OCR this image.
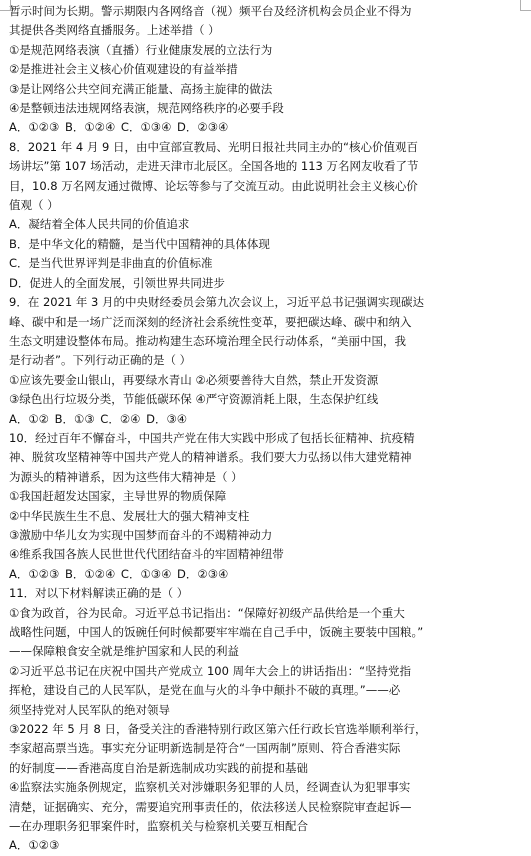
暂示时间为长期。警示期限内各网络音（视）频平台及经济机构会员企业不得为
其提供各类网络直播服务。上述举措（ ）
①是规范网络表演（直播）行业健康发展的立法行为
②是推进社会主义核心价值观建设的有益举措
③是让网络公共空间充满正能量、高扬主旋律的做法
④是整顿违法违规网络表演，规范网络秩序的必要手段
A．①②③ B．①②④ C．①③④ D．②③④
8．2021 年 4 月 9 日，由中宣部宣教局、光明日报社共同主办的“核心价值观百
场讲坛”第 107 场活动，走进天津市北辰区。全国各地的 113 万名网友收看了节
目，10.8 万名网友通过微博、论坛等参与了交流互动。由此说明社会主义核心价
值观（ ）
A．凝结着全体人民共同的价值追求
B．是中华文化的精髓，是当代中国精神的具体体现
C．是当代世界评判是非曲直的价值标准
D．促进人的全面发展，引领世界共同进步
9．在 2021 年 3 月的中央财经委员会第九次会议上，习近平总书记强调实现碳达
峰、碳中和是一场广泛而深刻的经济社会系统性变革，要把碳达峰、碳中和纳入
生态文明建设整体布局。推动构建生态环境治理全民行动体系，“美丽中国，我
是行动者”。下列行动正确的是（ ）
①应该先要金山银山，再要绿水青山 ②必须要善待大自然，禁止开发资源
③绿色出行垃圾分类，节能低碳环保 ④严守资源消耗上限，生态保护红线
A．①② B．①③ C．②④ D．③④
10．经过百年不懈奋斗，中国共产党在伟大实践中形成了包括长征精神、抗疫精
神、脱贫攻坚精神等中国共产党人的精神谱系。我们要大力弘扬以伟大建党精神
为源头的精神谱系，因为这些伟大精神是（ ）
①我国赶超发达国家，主导世界的物质保障
②中华民族生生不息、发展壮大的强大精神支柱
③激励中华儿女为实现中国梦而奋斗的不竭精神动力
④维系我国各族人民世世代代团结奋斗的牢固精神纽带
A．①②③ B．①②④ C．①③④ D．②③④
11．对以下材料解读正确的是（ ）
①食为政首，谷为民命。习近平总书记指出：“保障好初级产品供给是一个重大
战略性问题，中国人的饭碗任何时候都要牢牢端在自己手中，饭碗主要装中国粮。”
——保障粮食安全就是维护国家和人民的利益
②习近平总书记在庆祝中国共产党成立 100 周年大会上的讲话指出：“坚持党指
挥枪，建设自己的人民军队，是党在血与火的斗争中颠扑不破的真理。”——必
须坚持党对人民军队的绝对领导
③2022 年 5 月 8 日，备受关注的香港特别行政区第六任行政长官选举顺利举行，
李家超高票当选。事实充分证明新选制是符合“一国两制”原则、符合香港实际
的好制度——香港高度自治是新选制成功实践的前提和基础
④监察法实施条例规定，监察机关对涉嫌职务犯罪的人员，经调查认为犯罪事实
清楚，证据确实、充分，需要追究刑事责任的，依法移送人民检察院审查起诉—
—在办理职务犯罪案件时，监察机关与检察机关要互相配合
A．①②③
